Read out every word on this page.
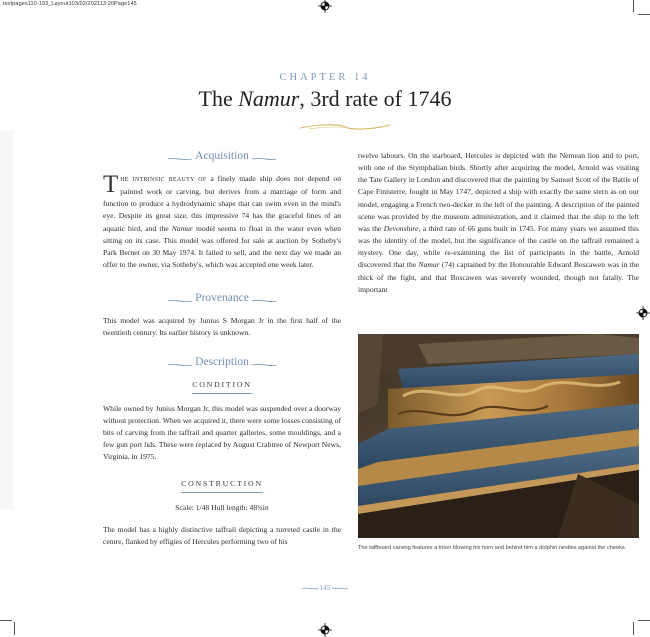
textpages110-193_Layout103/02/202113:20Page145
CHAPTER 14
The Namur, 3rd rate of 1746
Acquisition

THE INTRINSIC BEAUTY OF a finely made ship does not depend on painted work or carving, but derives from a marriage of form and function to produce a hydrodynamic shape that can swim even in the mind's eye. Despite its great size, this impressive 74 has the graceful lines of an aquatic bird, and the Namur model seems to float in the water even when sitting on its case. This model was offered for sale at auction by Sotheby's Park Bernet on 30 May 1974. It failed to sell, and the next day we made an offer to the owner, via Sotheby's, which was accepted one week later.

Provenance

This model was acquired by Junius S Morgan Jr in the first half of the twentieth century. Its earlier history is unknown.

Description
CONDITION

While owned by Junius Morgan Jr, this model was suspended over a doorway without protection. When we acquired it, there were some losses consisting of bits of carving from the taffrail and quarter galleries, some mouldings, and a few gun port lids. These were replaced by August Crabtree of Newport News, Virginia, in 1975.

CONSTRUCTION

Scale: 1/48 Hull length: 48¾in

The model has a highly distinctive taffrail depicting a turreted castle in the centre, flanked by effigies of Hercules performing two of his

twelve labours. On the starboard, Hercules is depicted with the Nemean lion and to port, with one of the Stymphalian birds. Shortly after acquiring the model, Arnold was visiting the Tate Gallery in London and discovered that the painting by Samuel Scott of the Battle of Cape Finisterre, fought in May 1747, depicted a ship with exactly the same stern as on our model, engaging a French two-decker in the left of the painting. A description of the painted scene was provided by the museum administration, and it claimed that the ship to the left was the Devonshire, a third rate of 66 guns built in 1745. For many years we assumed this was the identity of the model, but the significance of the castle on the taffrail remained a mystery. One day, while re-examining the list of participants in the battle, Arnold discovered that the Namur (74) captained by the Honourable Edward Boscawen was in the thick of the fight, and that Boscawen was severely wounded, though not fatally. The important

The taffboard carving features a triton blowing his horn and behind him a dolphin nestles against the cheeks.
145
